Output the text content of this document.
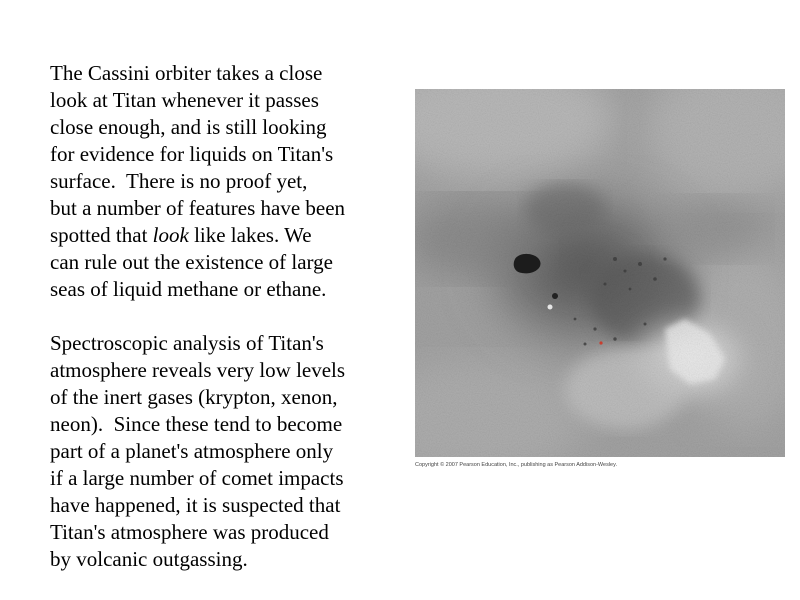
The Cassini orbiter takes a close
look at Titan whenever it passes
close enough, and is still looking
for evidence for liquids on Titan's
surface.  There is no proof yet,
but a number of features have been
spotted that look like lakes. We
can rule out the existence of large
seas of liquid methane or ethane.
Spectroscopic analysis of Titan's
atmosphere reveals very low levels
of the inert gases (krypton, xenon,
neon).  Since these tend to become
part of a planet's atmosphere only
if a large number of comet impacts
have happened, it is suspected that
Titan's atmosphere was produced
by volcanic outgassing.
Copyright © 2007 Pearson Education, Inc., publishing as Pearson Addison-Wesley.
